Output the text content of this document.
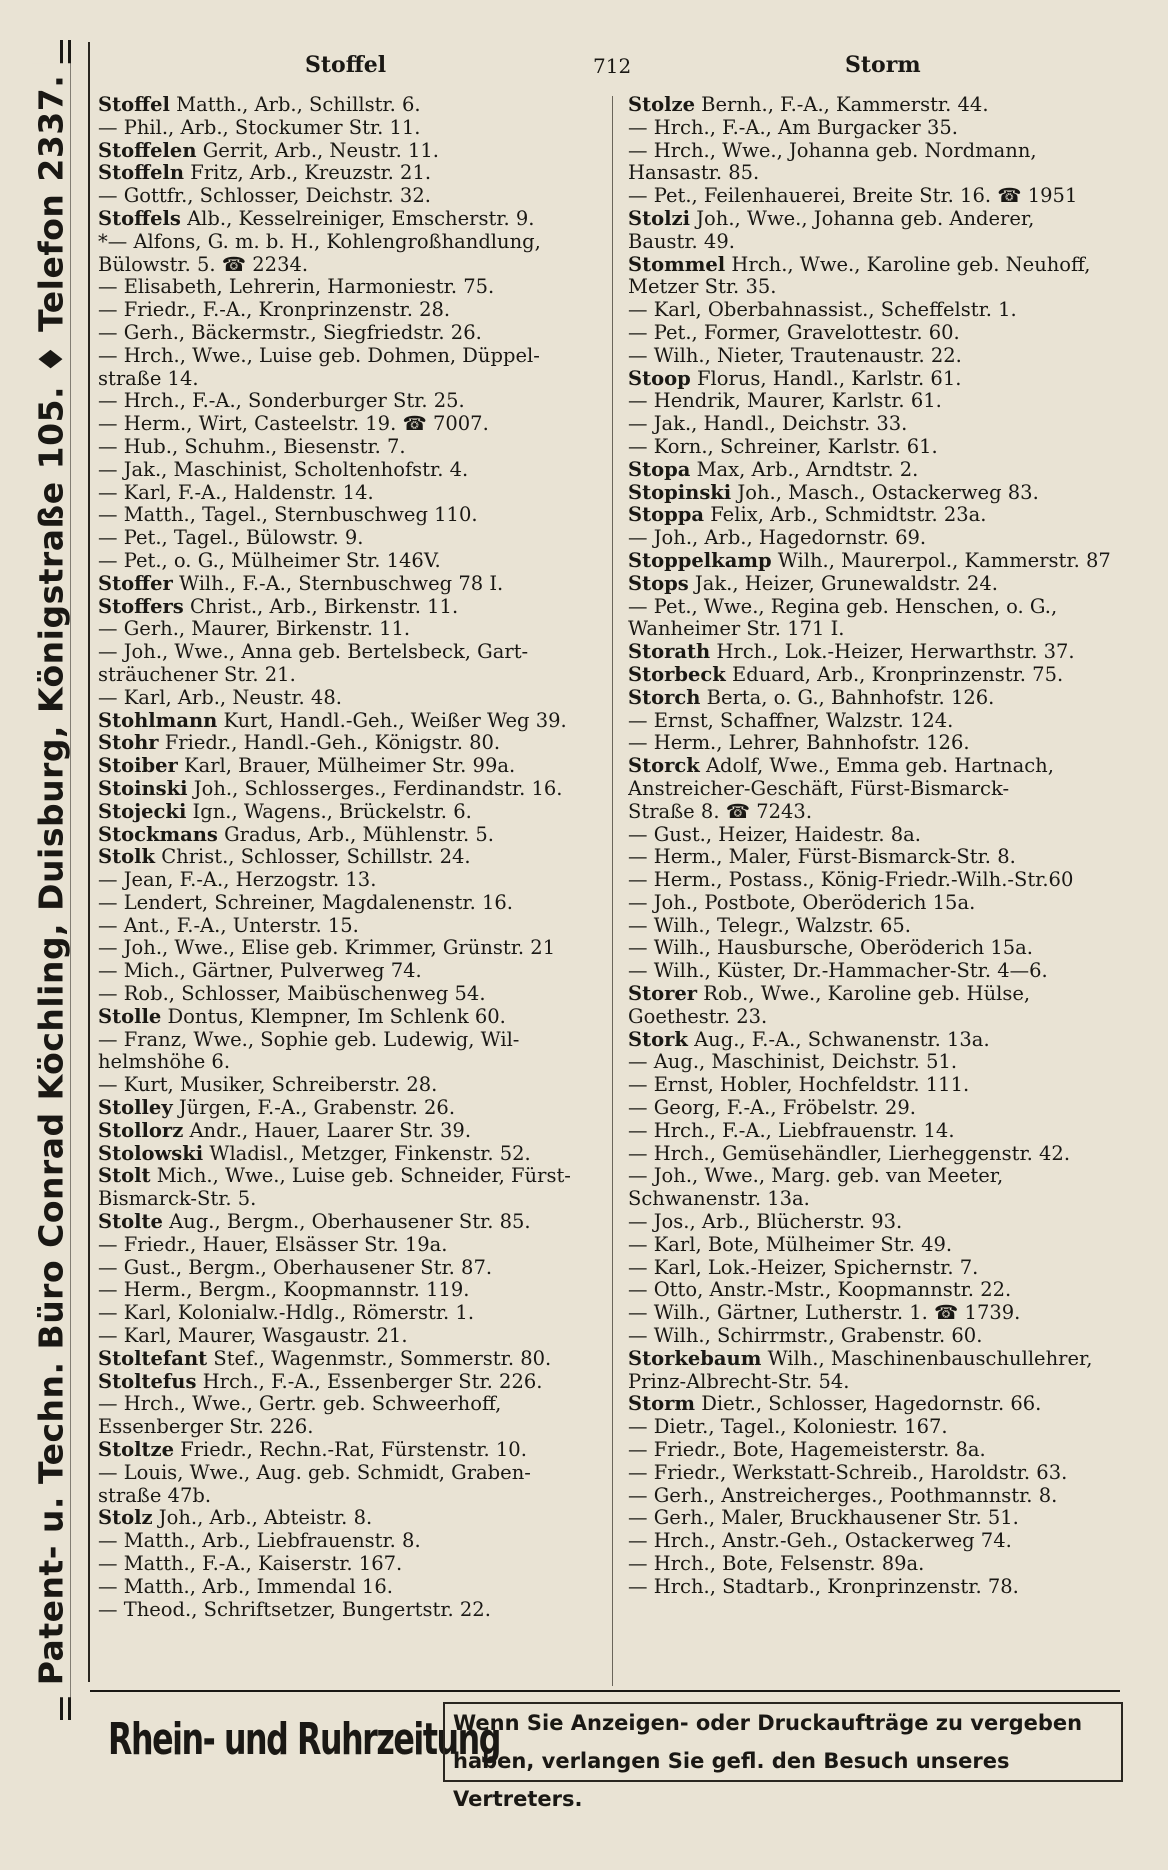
Patent- u. Techn. Büro Conrad Köchling, Duisburg, Königstraße 105. ♦ Telefon 2337.
Stoffel	712	Storm
Stoffel Matth., Arb., Schillstr. 6.
— Phil., Arb., Stockumer Str. 11.
Stoffelen Gerrit, Arb., Neustr. 11.
Stoffeln Fritz, Arb., Kreuzstr. 21.
— Gottfr., Schlosser, Deichstr. 32.
Stoffels Alb., Kesselreiniger, Emscherstr. 9.
*— Alfons, G. m. b. H., Kohlengroßhandlung,
Bülowstr. 5. ☎ 2234.
— Elisabeth, Lehrerin, Harmoniestr. 75.
— Friedr., F.-A., Kronprinzenstr. 28.
— Gerh., Bäckermstr., Siegfriedstr. 26.
— Hrch., Wwe., Luise geb. Dohmen, Düppel-
straße 14.
— Hrch., F.-A., Sonderburger Str. 25.
— Herm., Wirt, Casteelstr. 19. ☎ 7007.
— Hub., Schuhm., Biesenstr. 7.
— Jak., Maschinist, Scholtenhofstr. 4.
— Karl, F.-A., Haldenstr. 14.
— Matth., Tagel., Sternbuschweg 110.
— Pet., Tagel., Bülowstr. 9.
— Pet., o. G., Mülheimer Str. 146V.
Stoffer Wilh., F.-A., Sternbuschweg 78 I.
Stoffers Christ., Arb., Birkenstr. 11.
— Gerh., Maurer, Birkenstr. 11.
— Joh., Wwe., Anna geb. Bertelsbeck, Gart-
sträuchener Str. 21.
— Karl, Arb., Neustr. 48.
Stohlmann Kurt, Handl.-Geh., Weißer Weg 39.
Stohr Friedr., Handl.-Geh., Königstr. 80.
Stoiber Karl, Brauer, Mülheimer Str. 99a.
Stoinski Joh., Schlosserges., Ferdinandstr. 16.
Stojecki Ign., Wagens., Brückelstr. 6.
Stockmans Gradus, Arb., Mühlenstr. 5.
Stolk Christ., Schlosser, Schillstr. 24.
— Jean, F.-A., Herzogstr. 13.
— Lendert, Schreiner, Magdalenenstr. 16.
— Ant., F.-A., Unterstr. 15.
— Joh., Wwe., Elise geb. Krimmer, Grünstr. 21
— Mich., Gärtner, Pulverweg 74.
— Rob., Schlosser, Maibüschenweg 54.
Stolle Dontus, Klempner, Im Schlenk 60.
— Franz, Wwe., Sophie geb. Ludewig, Wil-
helmshöhe 6.
— Kurt, Musiker, Schreiberstr. 28.
Stolley Jürgen, F.-A., Grabenstr. 26.
Stollorz Andr., Hauer, Laarer Str. 39.
Stolowski Wladisl., Metzger, Finkenstr. 52.
Stolt Mich., Wwe., Luise geb. Schneider, Fürst-
Bismarck-Str. 5.
Stolte Aug., Bergm., Oberhausener Str. 85.
— Friedr., Hauer, Elsässer Str. 19a.
— Gust., Bergm., Oberhausener Str. 87.
— Herm., Bergm., Koopmannstr. 119.
— Karl, Kolonialw.-Hdlg., Römerstr. 1.
— Karl, Maurer, Wasgaustr. 21.
Stoltefant Stef., Wagenmstr., Sommerstr. 80.
Stoltefus Hrch., F.-A., Essenberger Str. 226.
— Hrch., Wwe., Gertr. geb. Schweerhoff,
Essenberger Str. 226.
Stoltze Friedr., Rechn.-Rat, Fürstenstr. 10.
— Louis, Wwe., Aug. geb. Schmidt, Graben-
straße 47b.
Stolz Joh., Arb., Abteistr. 8.
— Matth., Arb., Liebfrauenstr. 8.
— Matth., F.-A., Kaiserstr. 167.
— Matth., Arb., Immendal 16.
— Theod., Schriftsetzer, Bungertstr. 22.
Stolze Bernh., F.-A., Kammerstr. 44.
— Hrch., F.-A., Am Burgacker 35.
— Hrch., Wwe., Johanna geb. Nordmann,
Hansastr. 85.
— Pet., Feilenhauerei, Breite Str. 16. ☎ 1951
Stolzi Joh., Wwe., Johanna geb. Anderer,
Baustr. 49.
Stommel Hrch., Wwe., Karoline geb. Neuhoff,
Metzer Str. 35.
— Karl, Oberbahnassist., Scheffelstr. 1.
— Pet., Former, Gravelottestr. 60.
— Wilh., Nieter, Trautenaustr. 22.
Stoop Florus, Handl., Karlstr. 61.
— Hendrik, Maurer, Karlstr. 61.
— Jak., Handl., Deichstr. 33.
— Korn., Schreiner, Karlstr. 61.
Stopa Max, Arb., Arndtstr. 2.
Stopinski Joh., Masch., Ostackerweg 83.
Stoppa Felix, Arb., Schmidtstr. 23a.
— Joh., Arb., Hagedornstr. 69.
Stoppelkamp Wilh., Maurerpol., Kammerstr. 87
Stops Jak., Heizer, Grunewaldstr. 24.
— Pet., Wwe., Regina geb. Henschen, o. G.,
Wanheimer Str. 171 I.
Storath Hrch., Lok.-Heizer, Herwarthstr. 37.
Storbeck Eduard, Arb., Kronprinzenstr. 75.
Storch Berta, o. G., Bahnhofstr. 126.
— Ernst, Schaffner, Walzstr. 124.
— Herm., Lehrer, Bahnhofstr. 126.
Storck Adolf, Wwe., Emma geb. Hartnach,
Anstreicher-Geschäft, Fürst-Bismarck-
Straße 8. ☎ 7243.
— Gust., Heizer, Haidestr. 8a.
— Herm., Maler, Fürst-Bismarck-Str. 8.
— Herm., Postass., König-Friedr.-Wilh.-Str.60
— Joh., Postbote, Oberöderich 15a.
— Wilh., Telegr., Walzstr. 65.
— Wilh., Hausbursche, Oberöderich 15a.
— Wilh., Küster, Dr.-Hammacher-Str. 4—6.
Storer Rob., Wwe., Karoline geb. Hülse,
Goethestr. 23.
Stork Aug., F.-A., Schwanenstr. 13a.
— Aug., Maschinist, Deichstr. 51.
— Ernst, Hobler, Hochfeldstr. 111.
— Georg, F.-A., Fröbelstr. 29.
— Hrch., F.-A., Liebfrauenstr. 14.
— Hrch., Gemüsehändler, Lierheggenstr. 42.
— Joh., Wwe., Marg. geb. van Meeter,
Schwanenstr. 13a.
— Jos., Arb., Blücherstr. 93.
— Karl, Bote, Mülheimer Str. 49.
— Karl, Lok.-Heizer, Spichernstr. 7.
— Otto, Anstr.-Mstr., Koopmannstr. 22.
— Wilh., Gärtner, Lutherstr. 1. ☎ 1739.
— Wilh., Schirrmstr., Grabenstr. 60.
Storkebaum Wilh., Maschinenbauschullehrer,
Prinz-Albrecht-Str. 54.
Storm Dietr., Schlosser, Hagedornstr. 66.
— Dietr., Tagel., Koloniestr. 167.
— Friedr., Bote, Hagemeisterstr. 8a.
— Friedr., Werkstatt-Schreib., Haroldstr. 63.
— Gerh., Anstreicherges., Poothmannstr. 8.
— Gerh., Maler, Bruckhausener Str. 51.
— Hrch., Anstr.-Geh., Ostackerweg 74.
— Hrch., Bote, Felsenstr. 89a.
— Hrch., Stadtarb., Kronprinzenstr. 78.
Rhein- und Ruhrzeitung
Wenn Sie Anzeigen- oder Druckaufträge zu vergeben
haben, verlangen Sie gefl. den Besuch unseres Vertreters.
